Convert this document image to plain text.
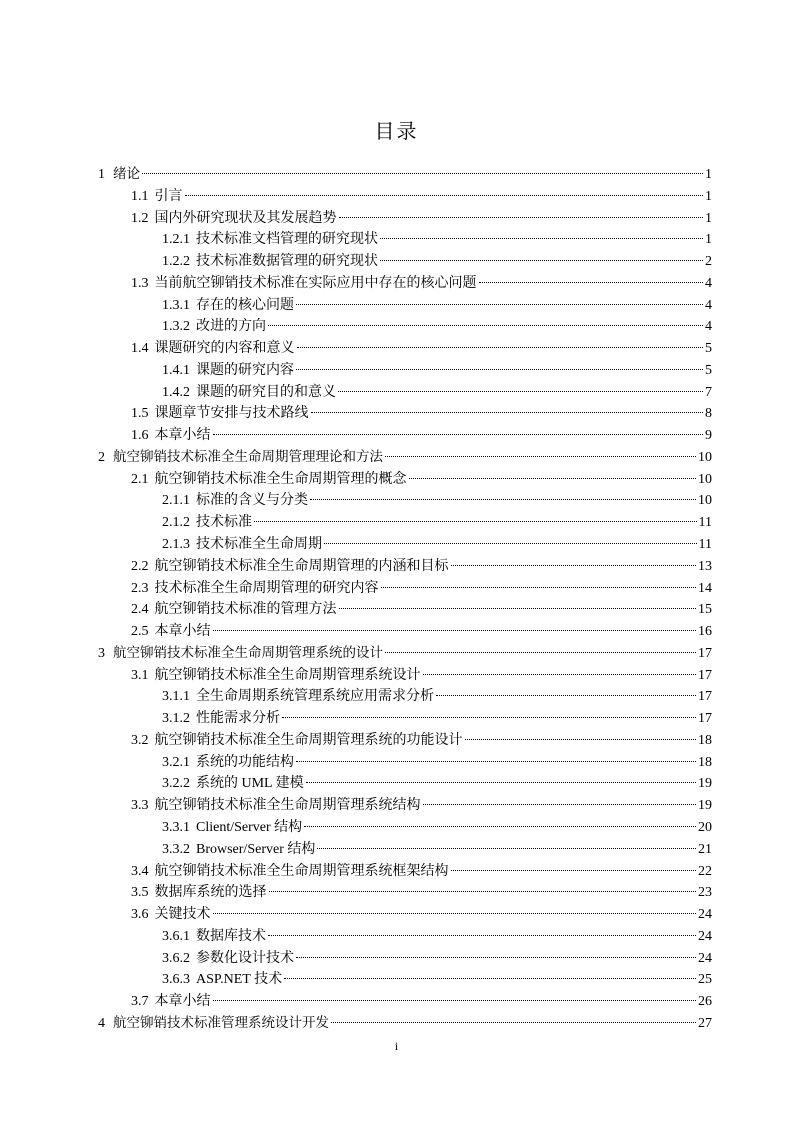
目录
1 绪论	1
1.1 引言	1
1.2 国内外研究现状及其发展趋势	1
1.2.1 技术标准文档管理的研究现状	1
1.2.2 技术标准数据管理的研究现状	2
1.3 当前航空铆销技术标准在实际应用中存在的核心问题	4
1.3.1 存在的核心问题	4
1.3.2 改进的方向	4
1.4 课题研究的内容和意义	5
1.4.1 课题的研究内容	5
1.4.2 课题的研究目的和意义	7
1.5 课题章节安排与技术路线	8
1.6 本章小结	9
2 航空铆销技术标准全生命周期管理理论和方法	10
2.1 航空铆销技术标准全生命周期管理的概念	10
2.1.1 标准的含义与分类	10
2.1.2 技术标准	11
2.1.3 技术标准全生命周期	11
2.2 航空铆销技术标准全生命周期管理的内涵和目标	13
2.3 技术标准全生命周期管理的研究内容	14
2.4 航空铆销技术标准的管理方法	15
2.5 本章小结	16
3 航空铆销技术标准全生命周期管理系统的设计	17
3.1 航空铆销技术标准全生命周期管理系统设计	17
3.1.1 全生命周期系统管理系统应用需求分析	17
3.1.2 性能需求分析	17
3.2 航空铆销技术标准全生命周期管理系统的功能设计	18
3.2.1 系统的功能结构	18
3.2.2 系统的 UML 建模	19
3.3 航空铆销技术标准全生命周期管理系统结构	19
3.3.1 Client/Server 结构	20
3.3.2 Browser/Server 结构	21
3.4 航空铆销技术标准全生命周期管理系统框架结构	22
3.5 数据库系统的选择	23
3.6 关键技术	24
3.6.1 数据库技术	24
3.6.2 参数化设计技术	24
3.6.3 ASP.NET 技术	25
3.7 本章小结	26
4 航空铆销技术标准管理系统设计开发	27
i
